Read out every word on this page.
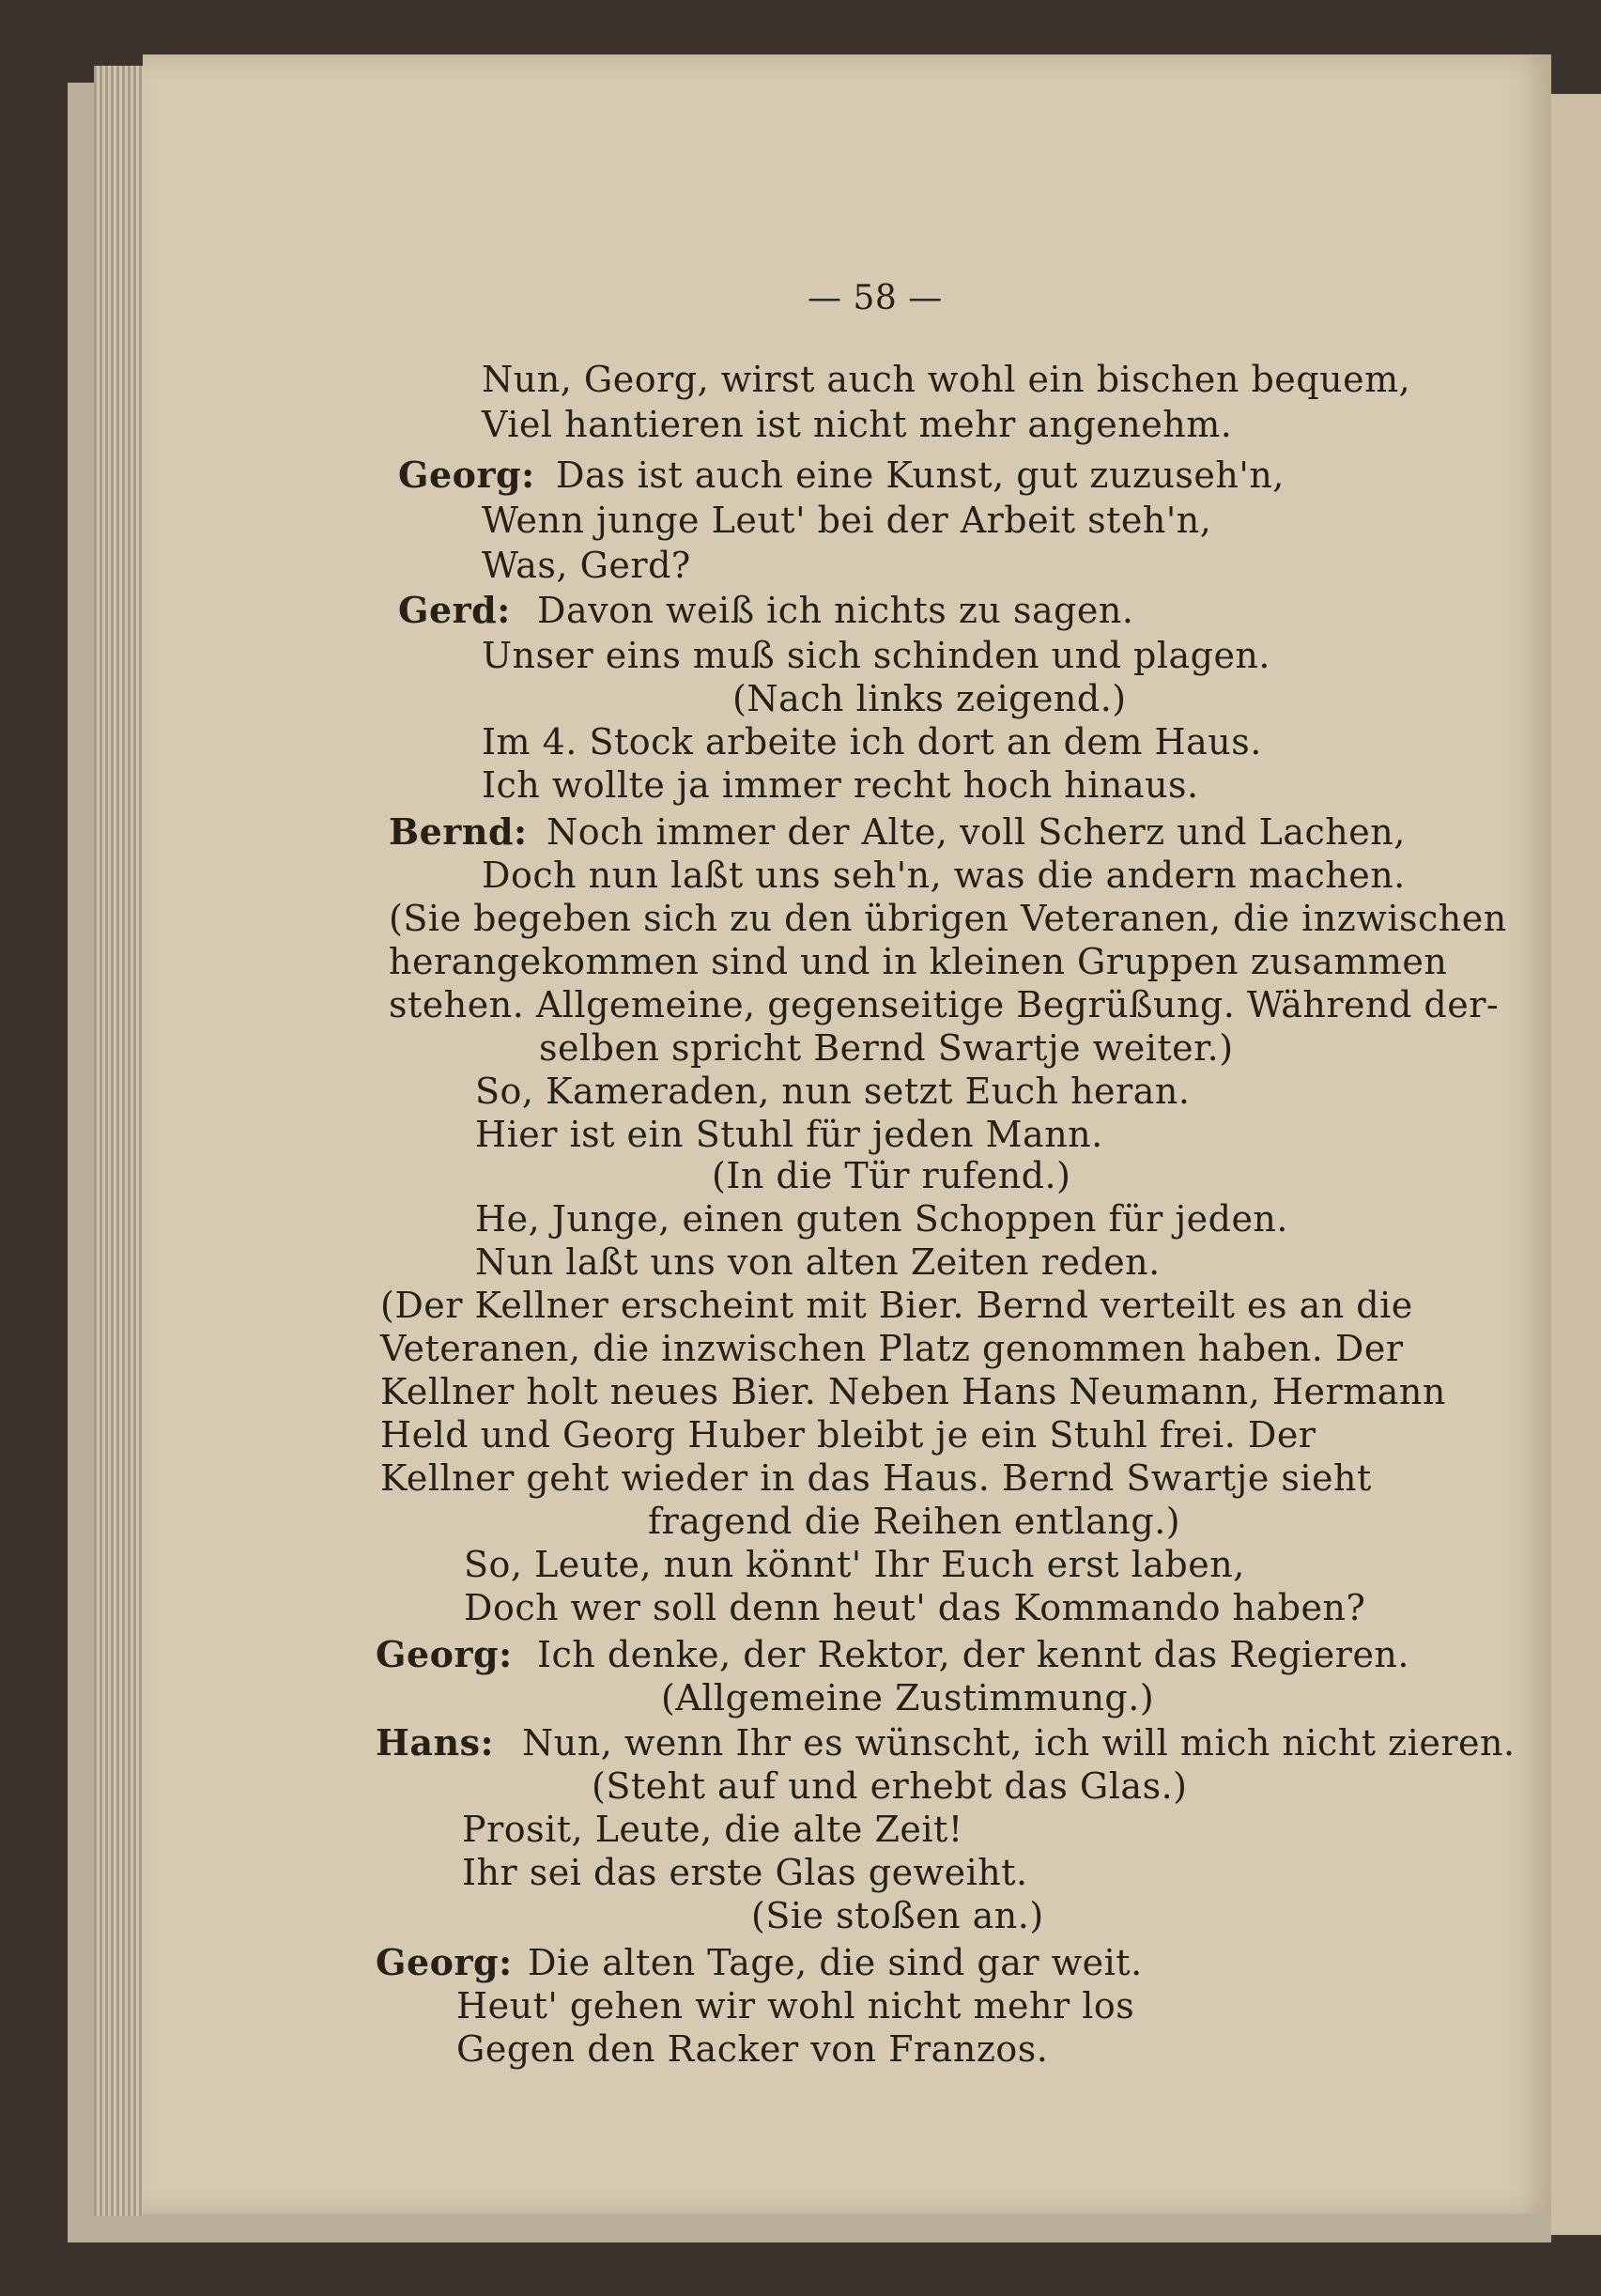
— 58 —
Nun, Georg, wirst auch wohl ein bischen bequem,
Viel hantieren ist nicht mehr angenehm.
Georg: Das ist auch eine Kunst, gut zuzuseh'n,
Wenn junge Leut' bei der Arbeit steh'n,
Was, Gerd?
Gerd: Davon weiß ich nichts zu sagen.
Unser eins muß sich schinden und plagen.
(Nach links zeigend.)
Im 4. Stock arbeite ich dort an dem Haus.
Ich wollte ja immer recht hoch hinaus.
Bernd: Noch immer der Alte, voll Scherz und Lachen,
Doch nun laßt uns seh'n, was die andern machen.
(Sie begeben sich zu den übrigen Veteranen, die inzwischen
herangekommen sind und in kleinen Gruppen zusammen
stehen. Allgemeine, gegenseitige Begrüßung. Während der-
selben spricht Bernd Swartje weiter.)
So, Kameraden, nun setzt Euch heran.
Hier ist ein Stuhl für jeden Mann.
(In die Tür rufend.)
He, Junge, einen guten Schoppen für jeden.
Nun laßt uns von alten Zeiten reden.
(Der Kellner erscheint mit Bier. Bernd verteilt es an die
Veteranen, die inzwischen Platz genommen haben. Der
Kellner holt neues Bier. Neben Hans Neumann, Hermann
Held und Georg Huber bleibt je ein Stuhl frei. Der
Kellner geht wieder in das Haus. Bernd Swartje sieht
fragend die Reihen entlang.)
So, Leute, nun könnt' Ihr Euch erst laben,
Doch wer soll denn heut' das Kommando haben?
Georg: Ich denke, der Rektor, der kennt das Regieren.
(Allgemeine Zustimmung.)
Hans: Nun, wenn Ihr es wünscht, ich will mich nicht zieren.
(Steht auf und erhebt das Glas.)
Prosit, Leute, die alte Zeit!
Ihr sei das erste Glas geweiht.
(Sie stoßen an.)
Georg: Die alten Tage, die sind gar weit.
Heut' gehen wir wohl nicht mehr los
Gegen den Racker von Franzos.
